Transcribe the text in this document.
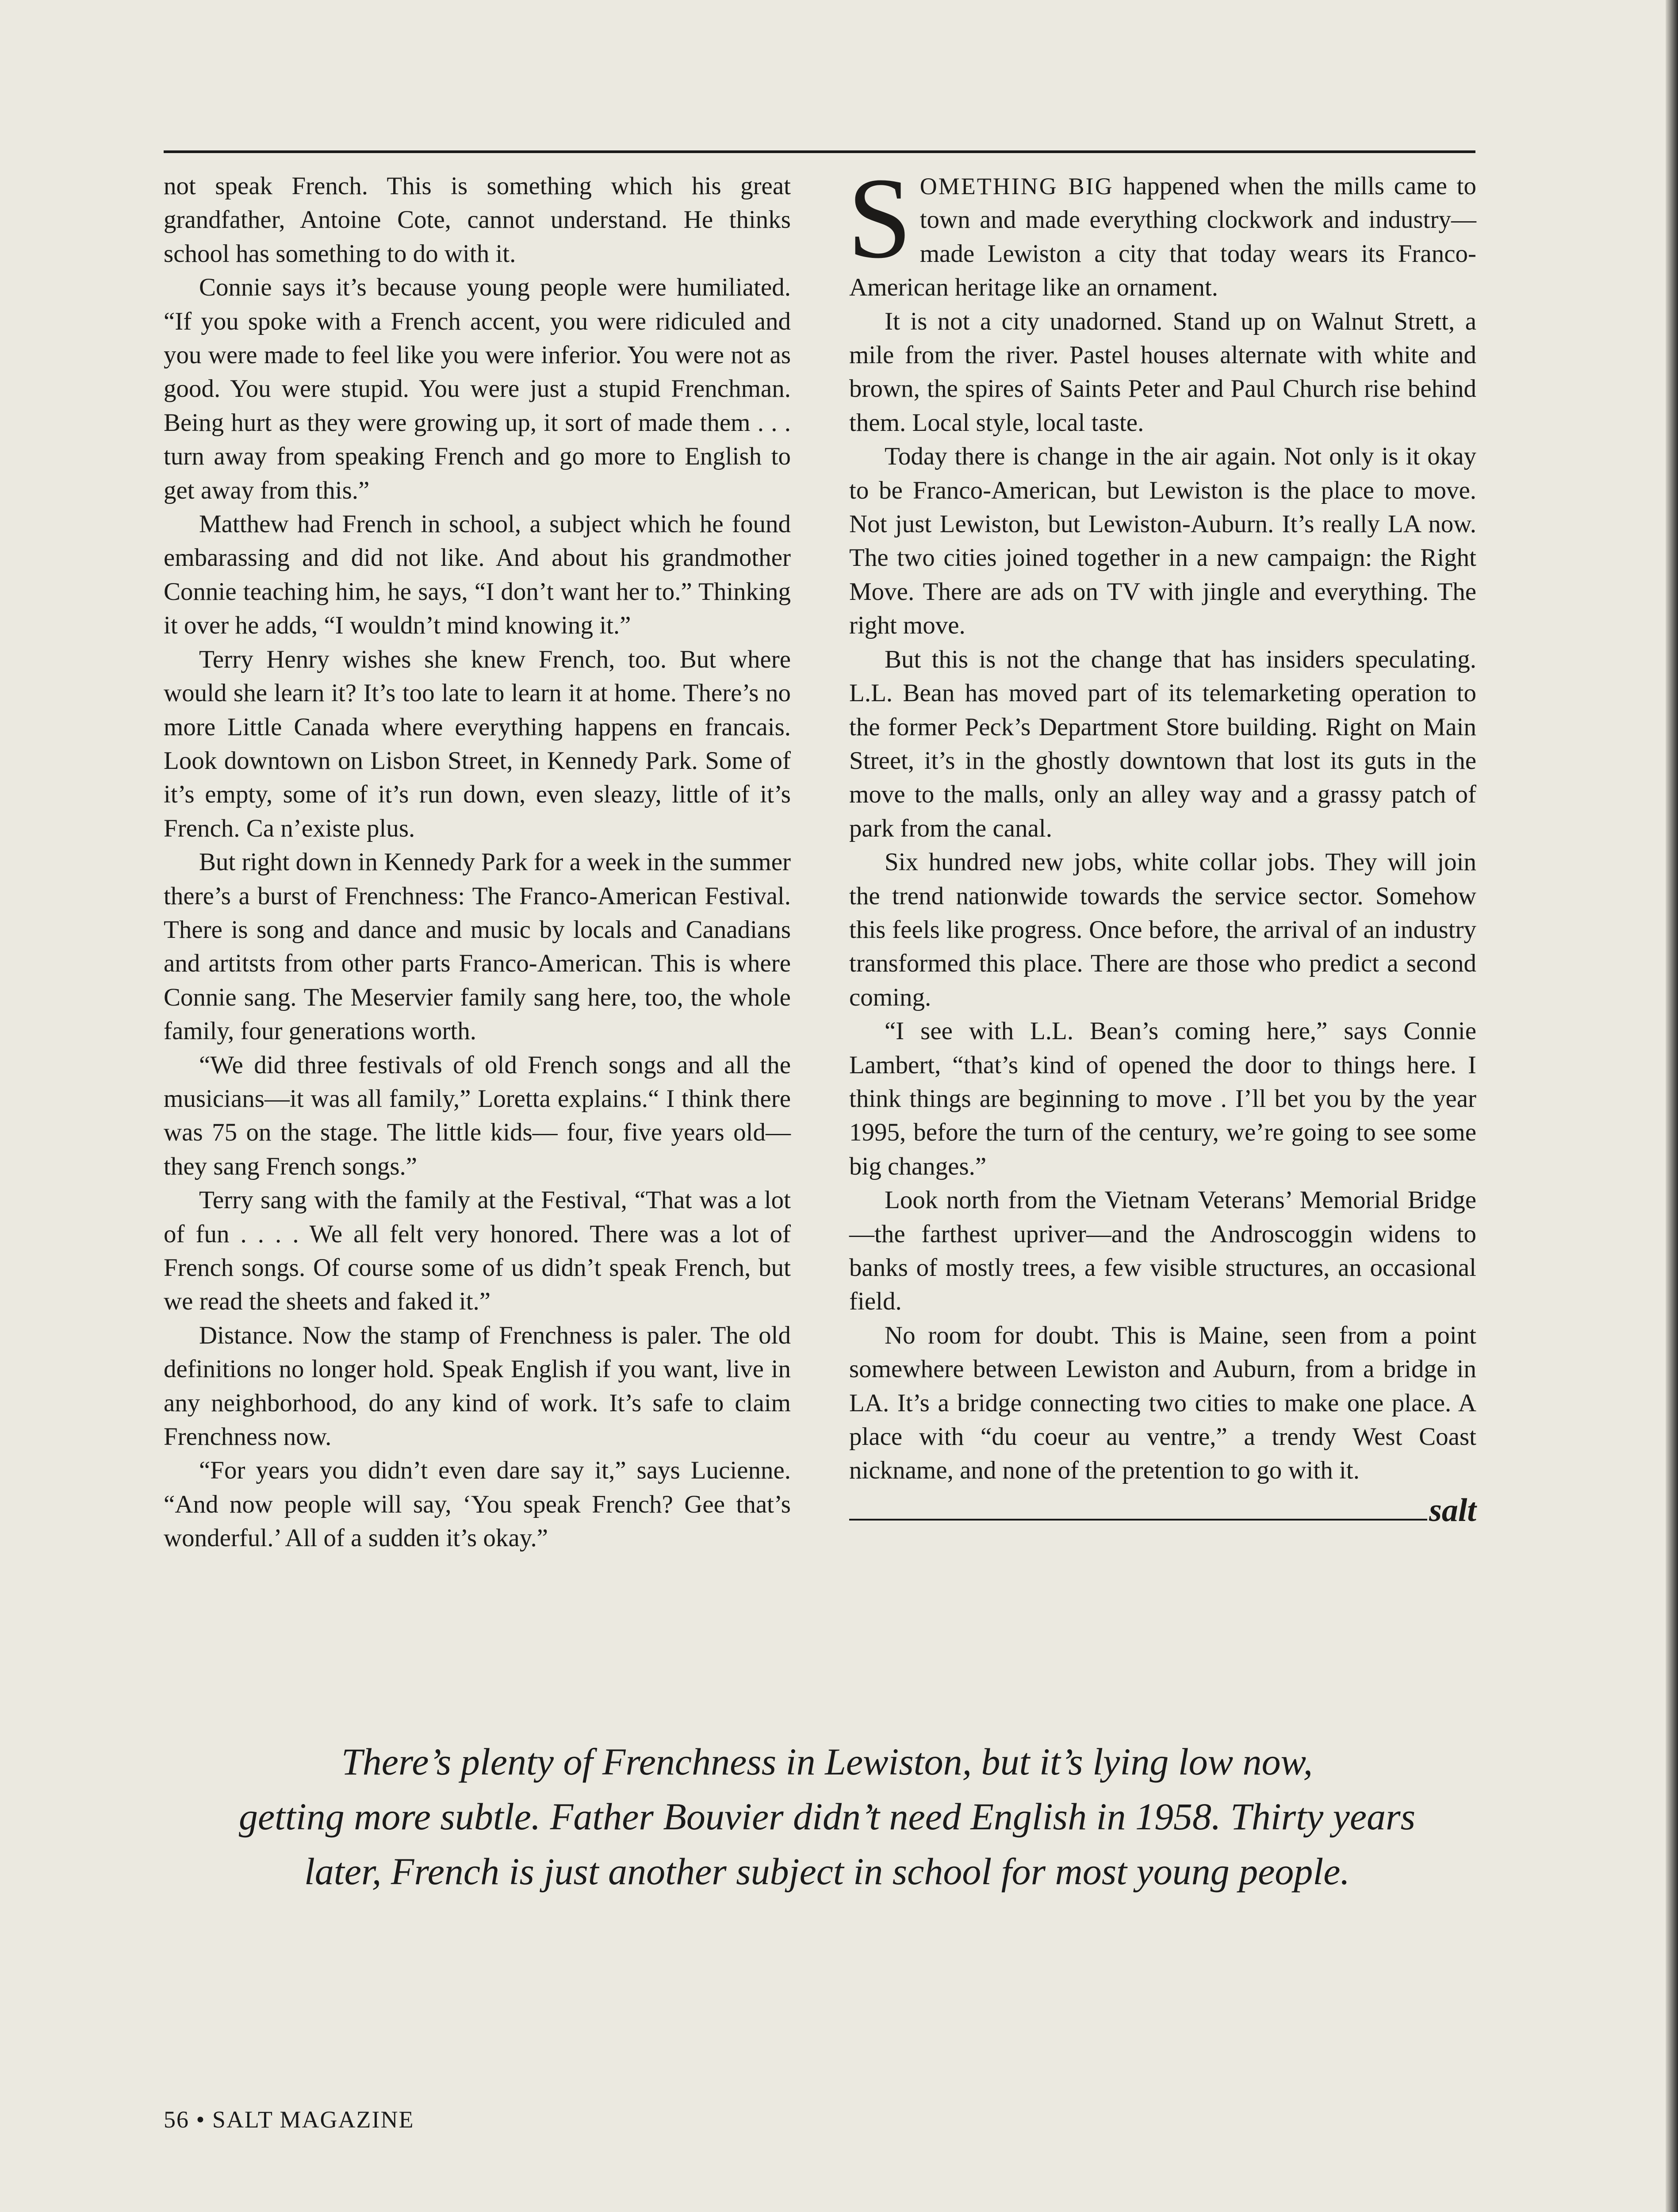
not speak French. This is something which his great grandfather, Antoine Cote, cannot understand. He thinks school has something to do with it.

Connie says it’s because young people were humiliated. “If you spoke with a French accent, you were ridiculed and you were made to feel like you were inferior. You were not as good. You were stupid. You were just a stupid Frenchman. Being hurt as they were growing up, it sort of made them . . . turn away from speaking French and go more to English to get away from this.”

Matthew had French in school, a subject which he found embarassing and did not like. And about his grandmother Connie teaching him, he says, “I don’t want her to.” Thinking it over he adds, “I wouldn’t mind knowing it.”

Terry Henry wishes she knew French, too. But where would she learn it? It’s too late to learn it at home. There’s no more Little Canada where everything happens en francais. Look downtown on Lisbon Street, in Kennedy Park. Some of it’s empty, some of it’s run down, even sleazy, little of it’s French. Ca n’existe plus.

But right down in Kennedy Park for a week in the summer there’s a burst of Frenchness: The Franco-American Festival. There is song and dance and music by locals and Canadians and artitsts from other parts Franco-American. This is where Connie sang. The Meservier family sang here, too, the whole family, four generations worth.

“We did three festivals of old French songs and all the musicians—it was all family,” Loretta explains.“ I think there was 75 on the stage. The little kids— four, five years old— they sang French songs.”

Terry sang with the family at the Festival, “That was a lot of fun . . . . We all felt very honored. There was a lot of French songs. Of course some of us didn’t speak French, but we read the sheets and faked it.”

Distance. Now the stamp of Frenchness is paler. The old definitions no longer hold. Speak English if you want, live in any neighborhood, do any kind of work. It’s safe to claim Frenchness now.

“For years you didn’t even dare say it,” says Lucienne. “And now people will say, ‘You speak French? Gee that’s wonderful.’ All of a sudden it’s okay.”

SOMETHING BIG happened when the mills came to town and made everything clockwork and industry—made Lewiston a city that today wears its Franco-American heritage like an ornament.

It is not a city unadorned. Stand up on Walnut Strett, a mile from the river. Pastel houses alternate with white and brown, the spires of Saints Peter and Paul Church rise behind them. Local style, local taste.

Today there is change in the air again. Not only is it okay to be Franco-American, but Lewiston is the place to move. Not just Lewiston, but Lewiston-Auburn. It’s really LA now. The two cities joined together in a new campaign: the Right Move. There are ads on TV with jingle and everything. The right move.

But this is not the change that has insiders speculating. L.L. Bean has moved part of its telemarketing operation to the former Peck’s Department Store building. Right on Main Street, it’s in the ghostly downtown that lost its guts in the move to the malls, only an alley way and a grassy patch of park from the canal.

Six hundred new jobs, white collar jobs. They will join the trend nationwide towards the service sector. Somehow this feels like progress. Once before, the arrival of an industry transformed this place. There are those who predict a second coming.

“I see with L.L. Bean’s coming here,” says Connie Lambert, “that’s kind of opened the door to things here. I think things are beginning to move . I’ll bet you by the year 1995, before the turn of the century, we’re going to see some big changes.”

Look north from the Vietnam Veterans’ Memorial Bridge—the farthest upriver—and the Androscoggin widens to banks of mostly trees, a few visible structures, an occasional field.

No room for doubt. This is Maine, seen from a point somewhere between Lewiston and Auburn, from a bridge in LA. It’s a bridge connecting two cities to make one place. A place with “du coeur au ventre,” a trendy West Coast nickname, and none of the pretention to go with it.

salt

There’s plenty of Frenchness in Lewiston, but it’s lying low now,

getting more subtle. Father Bouvier didn’t need English in 1958. Thirty years

later, French is just another subject in school for most young people.

56 • SALT MAGAZINE
